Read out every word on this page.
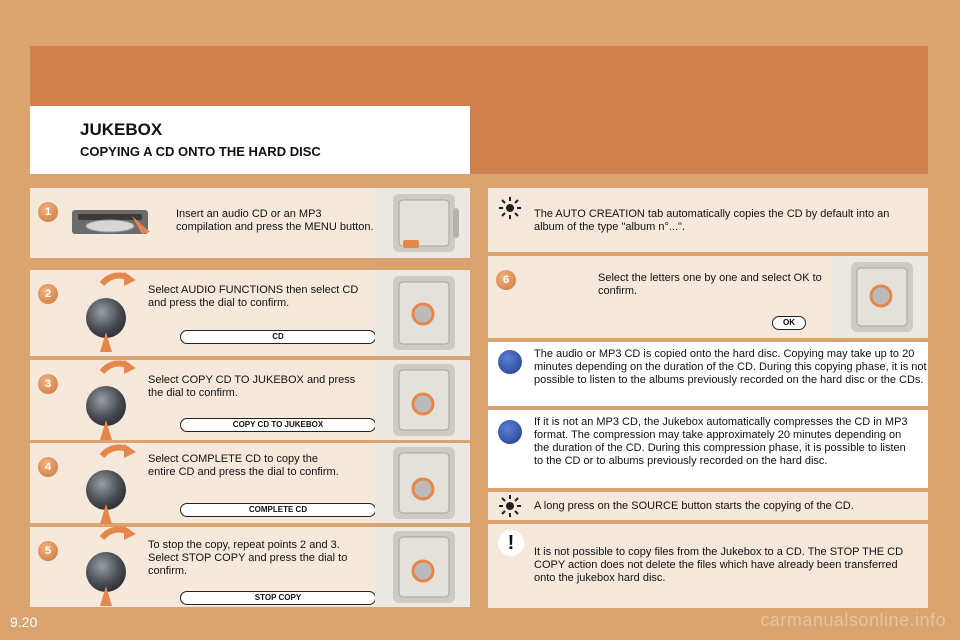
JUKEBOX
COPYING A CD ONTO THE HARD DISC
1	Insert an audio CD or an MP3 compilation and press the MENU button.
2	Select AUDIO FUNCTIONS then select CD and press the dial to confirm.
CD
3	Select COPY CD TO JUKEBOX and press the dial to confirm.
COPY CD TO JUKEBOX
4
Select COMPLETE CD to copy the entire CD and press the dial to confirm.
COMPLETE CD
5	To stop the copy, repeat points 2 and 3. Select STOP COPY and press the dial to confirm.
STOP COPY
The AUTO CREATION tab automatically copies the CD by default into an album of the type "album n°...".
6	Select the letters one by one and select OK to confirm.
OK
The audio or MP3 CD is copied onto the hard disc. Copying may take up to 20 minutes depending on the duration of the CD. During this copying phase, it is not possible to listen to the albums previously recorded on the hard disc or the CDs.
If it is not an MP3 CD, the Jukebox automatically compresses the CD in MP3 format. The compression may take approximately 20 minutes depending on the duration of the CD. During this compression phase, it is possible to listen to the CD or to albums previously recorded on the hard disc.
A long press on the SOURCE button starts the copying of the CD.
!	It is not possible to copy files from the Jukebox to a CD. The STOP THE CD COPY action does not delete the files which have already been transferred onto the jukebox hard disc.
9.20	carmanualsonline.info
